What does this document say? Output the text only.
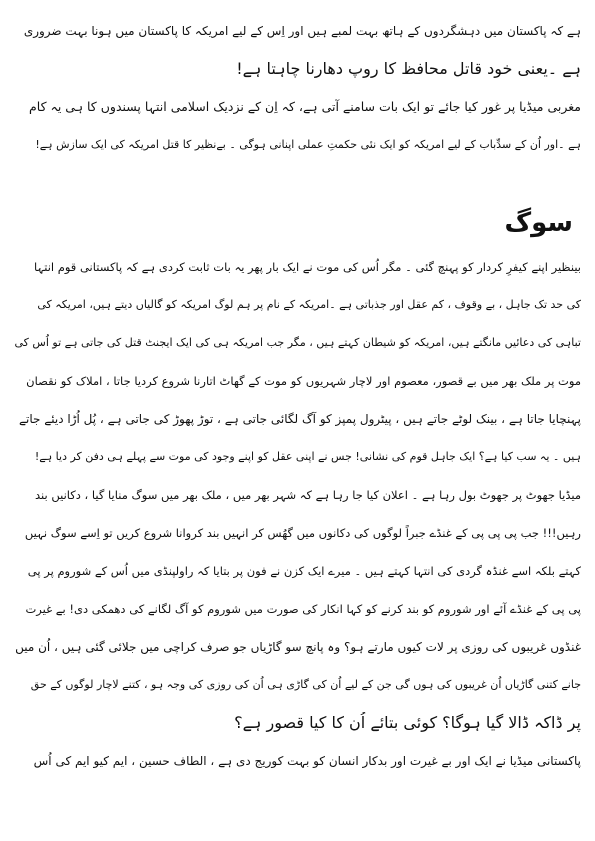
ہے کہ پاکستان میں دہشگردوں کے ہاتھ بہت لمبے ہیں اور اِس کے لیے امریکہ کا پاکستان میں ہونا بہت ضروری
ہے ۔یعنی خود قاتل محافظ کا روپ دھارنا چاہتا ہے!
مغربی میڈیا پر غور کیا جائے تو ایک بات سامنے آتی ہے، کہ اِن کے نزدیک اسلامی انتہا پسندوں کا ہی یہ کام
ہے ۔اور اُن کے سدِّباب کے لیے امریکہ کو ایک نئی حکمتِ عملی اپنانی ہوگی ۔ بےنظیر کا قتل امریکہ کی ایک سازش ہے!
سوگ
بینظیر اپنے کیفرِ کردار کو پہنچ گئی ۔ مگر اُس کی موت نے ایک بار پھر یہ بات ثابت کردی ہے کہ پاکستانی قوم انتہا
کی حد تک جاہل ، بے وقوف ، کم عقل اور جذباتی ہے ۔امریکہ کے نام پر ہم لوگ امریکہ کو گالیاں دیتے ہیں، امریکہ کی
تباہی کی دعائیں مانگتے ہیں، امریکہ کو شیطان کہتے ہیں ، مگر جب امریکہ ہی کی ایک ایجنٹ قتل کی جاتی ہے تو اُس کی
موت پر ملک بھر میں بے قصور، معصوم اور لاچار شہریوں کو موت کے گھاٹ اتارنا شروع کردیا جاتا ، املاک کو نقصان
پہنچایا جاتا ہے ، بینک لوٹے جاتے ہیں ، پیٹرول پمپز کو آگ لگائی جاتی ہے ، توڑ پھوڑ کی جاتی ہے ، پُل اُڑا دیئے جاتے
ہیں ۔ یہ سب کیا ہے؟ ایک جاہل قوم کی نشانی! جس نے اپنی عقل کو اپنے وجود کی موت سے پہلے ہی دفن کر دیا ہے!
میڈیا جھوٹ پر جھوٹ بول رہا ہے ۔ اعلان کیا جا رہا ہے کہ شہر بھر میں ، ملک بھر میں سوگ منایا گیا ، دکانیں بند
رہیں!!! جب پی پی پی کے غنڈے جبراً لوگوں کی دکانوں میں گھُس کر انہیں بند کروانا شروع کریں تو اِسے سوگ نہیں
کہتے بلکہ اسے غنڈہ گردی کی انتہا کہتے ہیں ۔ میرے ایک کزن نے فون پر بتایا کہ راولپنڈی میں اُس کے شوروم پر پی
پی پی کے غنڈے آئے اور شوروم کو بند کرنے کو کہا انکار کی صورت میں شوروم کو آگ لگانے کی دھمکی دی! بے غیرت
غنڈوں غریبوں کی روزی پر لات کیوں مارتے ہو؟ وہ پانچ سو گاڑیاں جو صرف کراچی میں جلائی گئی ہیں ، اُن میں
جانے کتنی گاڑیاں اُن غریبوں کی ہوں گی جن کے لیے اُن کی گاڑی ہی اُن کی روزی کی وجہ ہو ، کتنے لاچار لوگوں کے حق
پر ڈاکہ ڈالا گیا ہوگا؟ کوئی بتائے اُن کا کیا قصور ہے؟
پاکستانی میڈیا نے ایک اور بے غیرت اور بدکار انسان کو بہت کوریج دی ہے ، الطاف حسین ، ایم کیو ایم کی اُس
